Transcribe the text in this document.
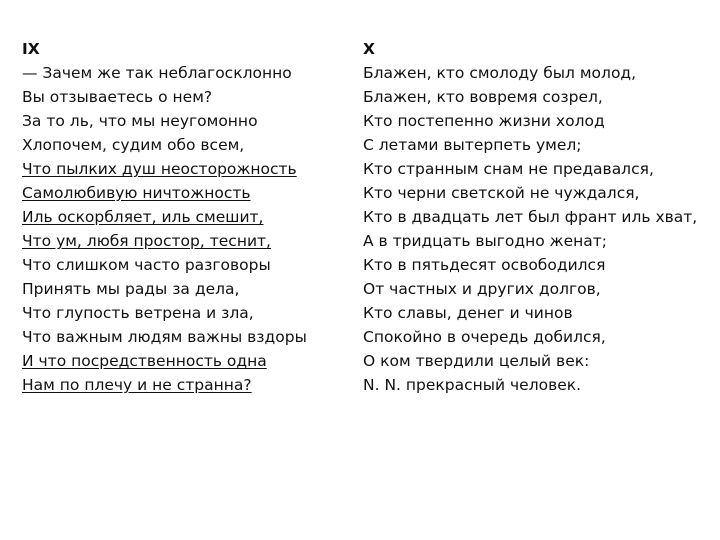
IX
— Зачем же так неблагосклонно
Вы отзываетесь о нем?
За то ль, что мы неугомонно
Хлопочем, судим обо всем,
Что пылких душ неосторожность
Самолюбивую ничтожность
Иль оскорбляет, иль смешит,
Что ум, любя простор, теснит,
Что слишком часто разговоры
Принять мы рады за дела,
Что глупость ветрена и зла,
Что важным людям важны вздоры
И что посредственность одна
Нам по плечу и не странна?
X
Блажен, кто смолоду был молод,
Блажен, кто вовремя созрел,
Кто постепенно жизни холод
С летами вытерпеть умел;
Кто странным снам не предавался,
Кто черни светской не чуждался,
Кто в двадцать лет был франт иль хват,
А в тридцать выгодно женат;
Кто в пятьдесят освободился
От частных и других долгов,
Кто славы, денег и чинов
Спокойно в очередь добился,
О ком твердили целый век:
N. N. прекрасный человек.
